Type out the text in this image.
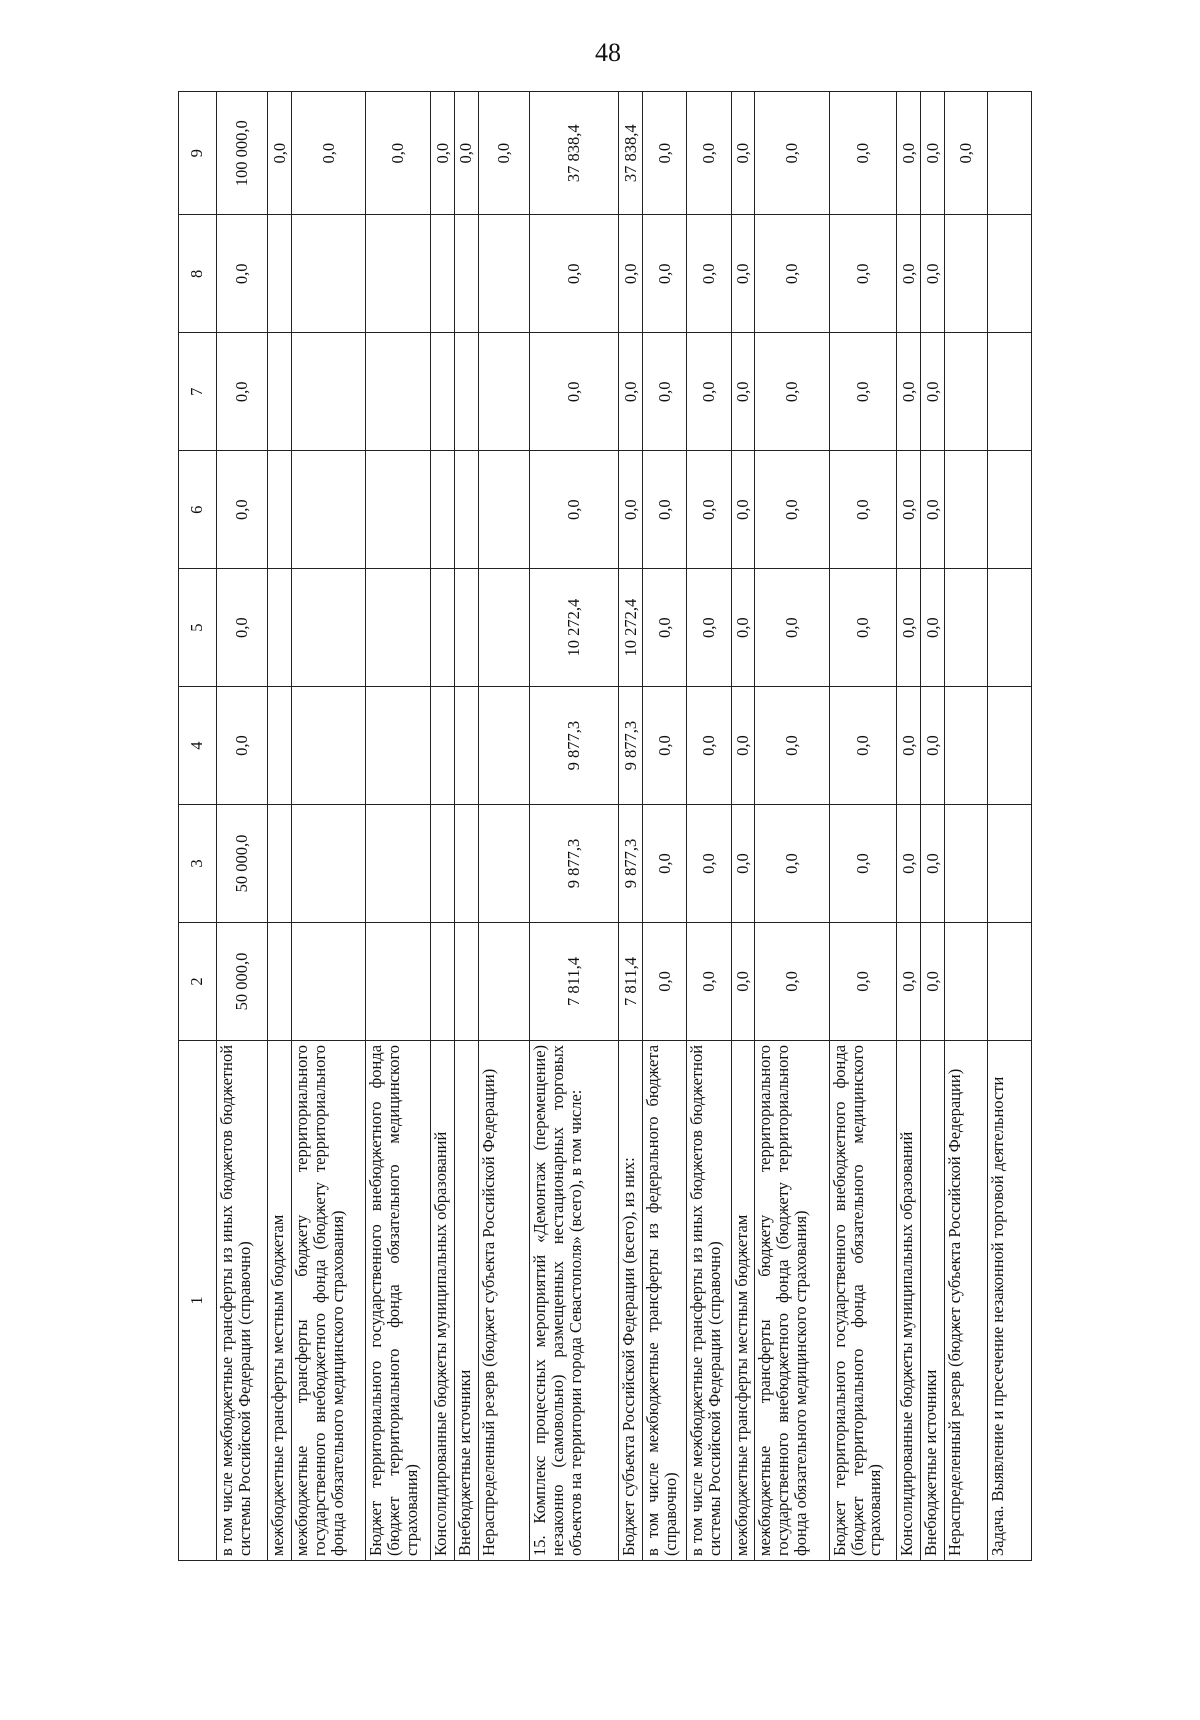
48
1	2	3	4	5	6	7	8	9
в том числе межбюджетные трансферты из иных бюджетов бюджетной системы Российской Федерации (справочно)	50 000,0	50 000,0	0,0	0,0	0,0	0,0	0,0	100 000,0
межбюджетные трансферты местным бюджетам								0,0
межбюджетные трансферты бюджету территориального государственного внебюджетного фонда (бюджету территориального фонда обязательного медицинского страхования)								0,0
Бюджет территориального государственного внебюджетного фонда (бюджет территориального фонда обязательного медицинского страхования)								0,0
Консолидированные бюджеты муниципальных образований								0,0
Внебюджетные источники								0,0
Нераспределенный резерв (бюджет субъекта Российской Федерации)								0,0
15. Комплекс процессных мероприятий «Демонтаж (перемещение) незаконно (самовольно) размещенных нестационарных торговых объектов на территории города Севастополя» (всего), в том числе:	7 811,4	9 877,3	9 877,3	10 272,4	0,0	0,0	0,0	37 838,4
Бюджет субъекта Российской Федерации (всего), из них:	7 811,4	9 877,3	9 877,3	10 272,4	0,0	0,0	0,0	37 838,4
в том числе межбюджетные трансферты из федерального бюджета (справочно)	0,0	0,0	0,0	0,0	0,0	0,0	0,0	0,0
в том числе межбюджетные трансферты из иных бюджетов бюджетной системы Российской Федерации (справочно)	0,0	0,0	0,0	0,0	0,0	0,0	0,0	0,0
межбюджетные трансферты местным бюджетам	0,0	0,0	0,0	0,0	0,0	0,0	0,0	0,0
межбюджетные трансферты бюджету территориального государственного внебюджетного фонда (бюджету территориального фонда обязательного медицинского страхования)	0,0	0,0	0,0	0,0	0,0	0,0	0,0	0,0
Бюджет территориального государственного внебюджетного фонда (бюджет территориального фонда обязательного медицинского страхования)	0,0	0,0	0,0	0,0	0,0	0,0	0,0	0,0
Консолидированные бюджеты муниципальных образований	0,0	0,0	0,0	0,0	0,0	0,0	0,0	0,0
Внебюджетные источники	0,0	0,0	0,0	0,0	0,0	0,0	0,0	0,0
Нераспределенный резерв (бюджет субъекта Российской Федерации)								0,0
Задача. Выявление и пресечение незаконной торговой деятельности								
